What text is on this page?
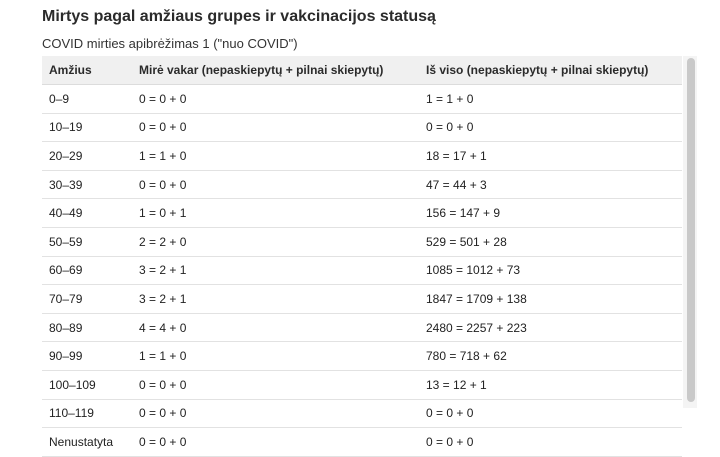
Mirtys pagal amžiaus grupes ir vakcinacijos statusą
COVID mirties apibrėžimas 1 ("nuo COVID")
Amžius	Mirė vakar (nepaskiepytų + pilnai skiepytų)	Iš viso (nepaskiepytų + pilnai skiepytų)
0–9	0 = 0 + 0	1 = 1 + 0
10–19	0 = 0 + 0	0 = 0 + 0
20–29	1 = 1 + 0	18 = 17 + 1
30–39	0 = 0 + 0	47 = 44 + 3
40–49	1 = 0 + 1	156 = 147 + 9
50–59	2 = 2 + 0	529 = 501 + 28
60–69	3 = 2 + 1	1085 = 1012 + 73
70–79	3 = 2 + 1	1847 = 1709 + 138
80–89	4 = 4 + 0	2480 = 2257 + 223
90–99	1 = 1 + 0	780 = 718 + 62
100–109	0 = 0 + 0	13 = 12 + 1
110–119	0 = 0 + 0	0 = 0 + 0
Nenustatyta	0 = 0 + 0	0 = 0 + 0
